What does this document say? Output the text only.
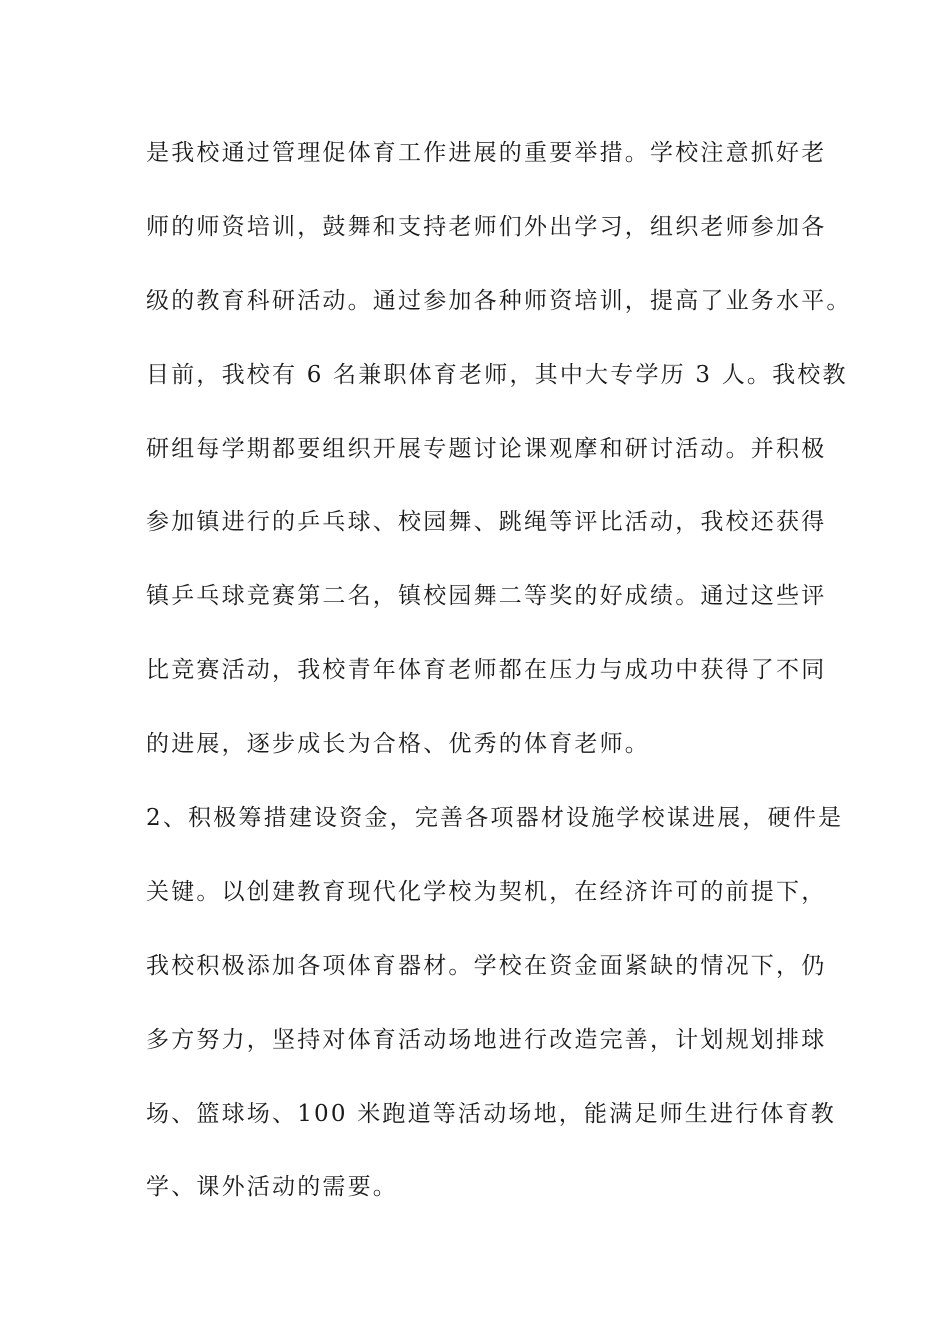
是我校通过管理促体育工作进展的重要举措。学校注意抓好老
师的师资培训，鼓舞和支持老师们外出学习，组织老师参加各
级的教育科研活动。通过参加各种师资培训，提高了业务水平。
目前，我校有 6 名兼职体育老师，其中大专学历 3 人。我校教
研组每学期都要组织开展专题讨论课观摩和研讨活动。并积极
参加镇进行的乒乓球、校园舞、跳绳等评比活动，我校还获得
镇乒乓球竞赛第二名，镇校园舞二等奖的好成绩。通过这些评
比竞赛活动，我校青年体育老师都在压力与成功中获得了不同
的进展，逐步成长为合格、优秀的体育老师。
2、积极筹措建设资金，完善各项器材设施学校谋进展，硬件是
关键。以创建教育现代化学校为契机，在经济许可的前提下，
我校积极添加各项体育器材。学校在资金面紧缺的情况下，仍
多方努力，坚持对体育活动场地进行改造完善，计划规划排球
场、篮球场、100 米跑道等活动场地，能满足师生进行体育教
学、课外活动的需要。
